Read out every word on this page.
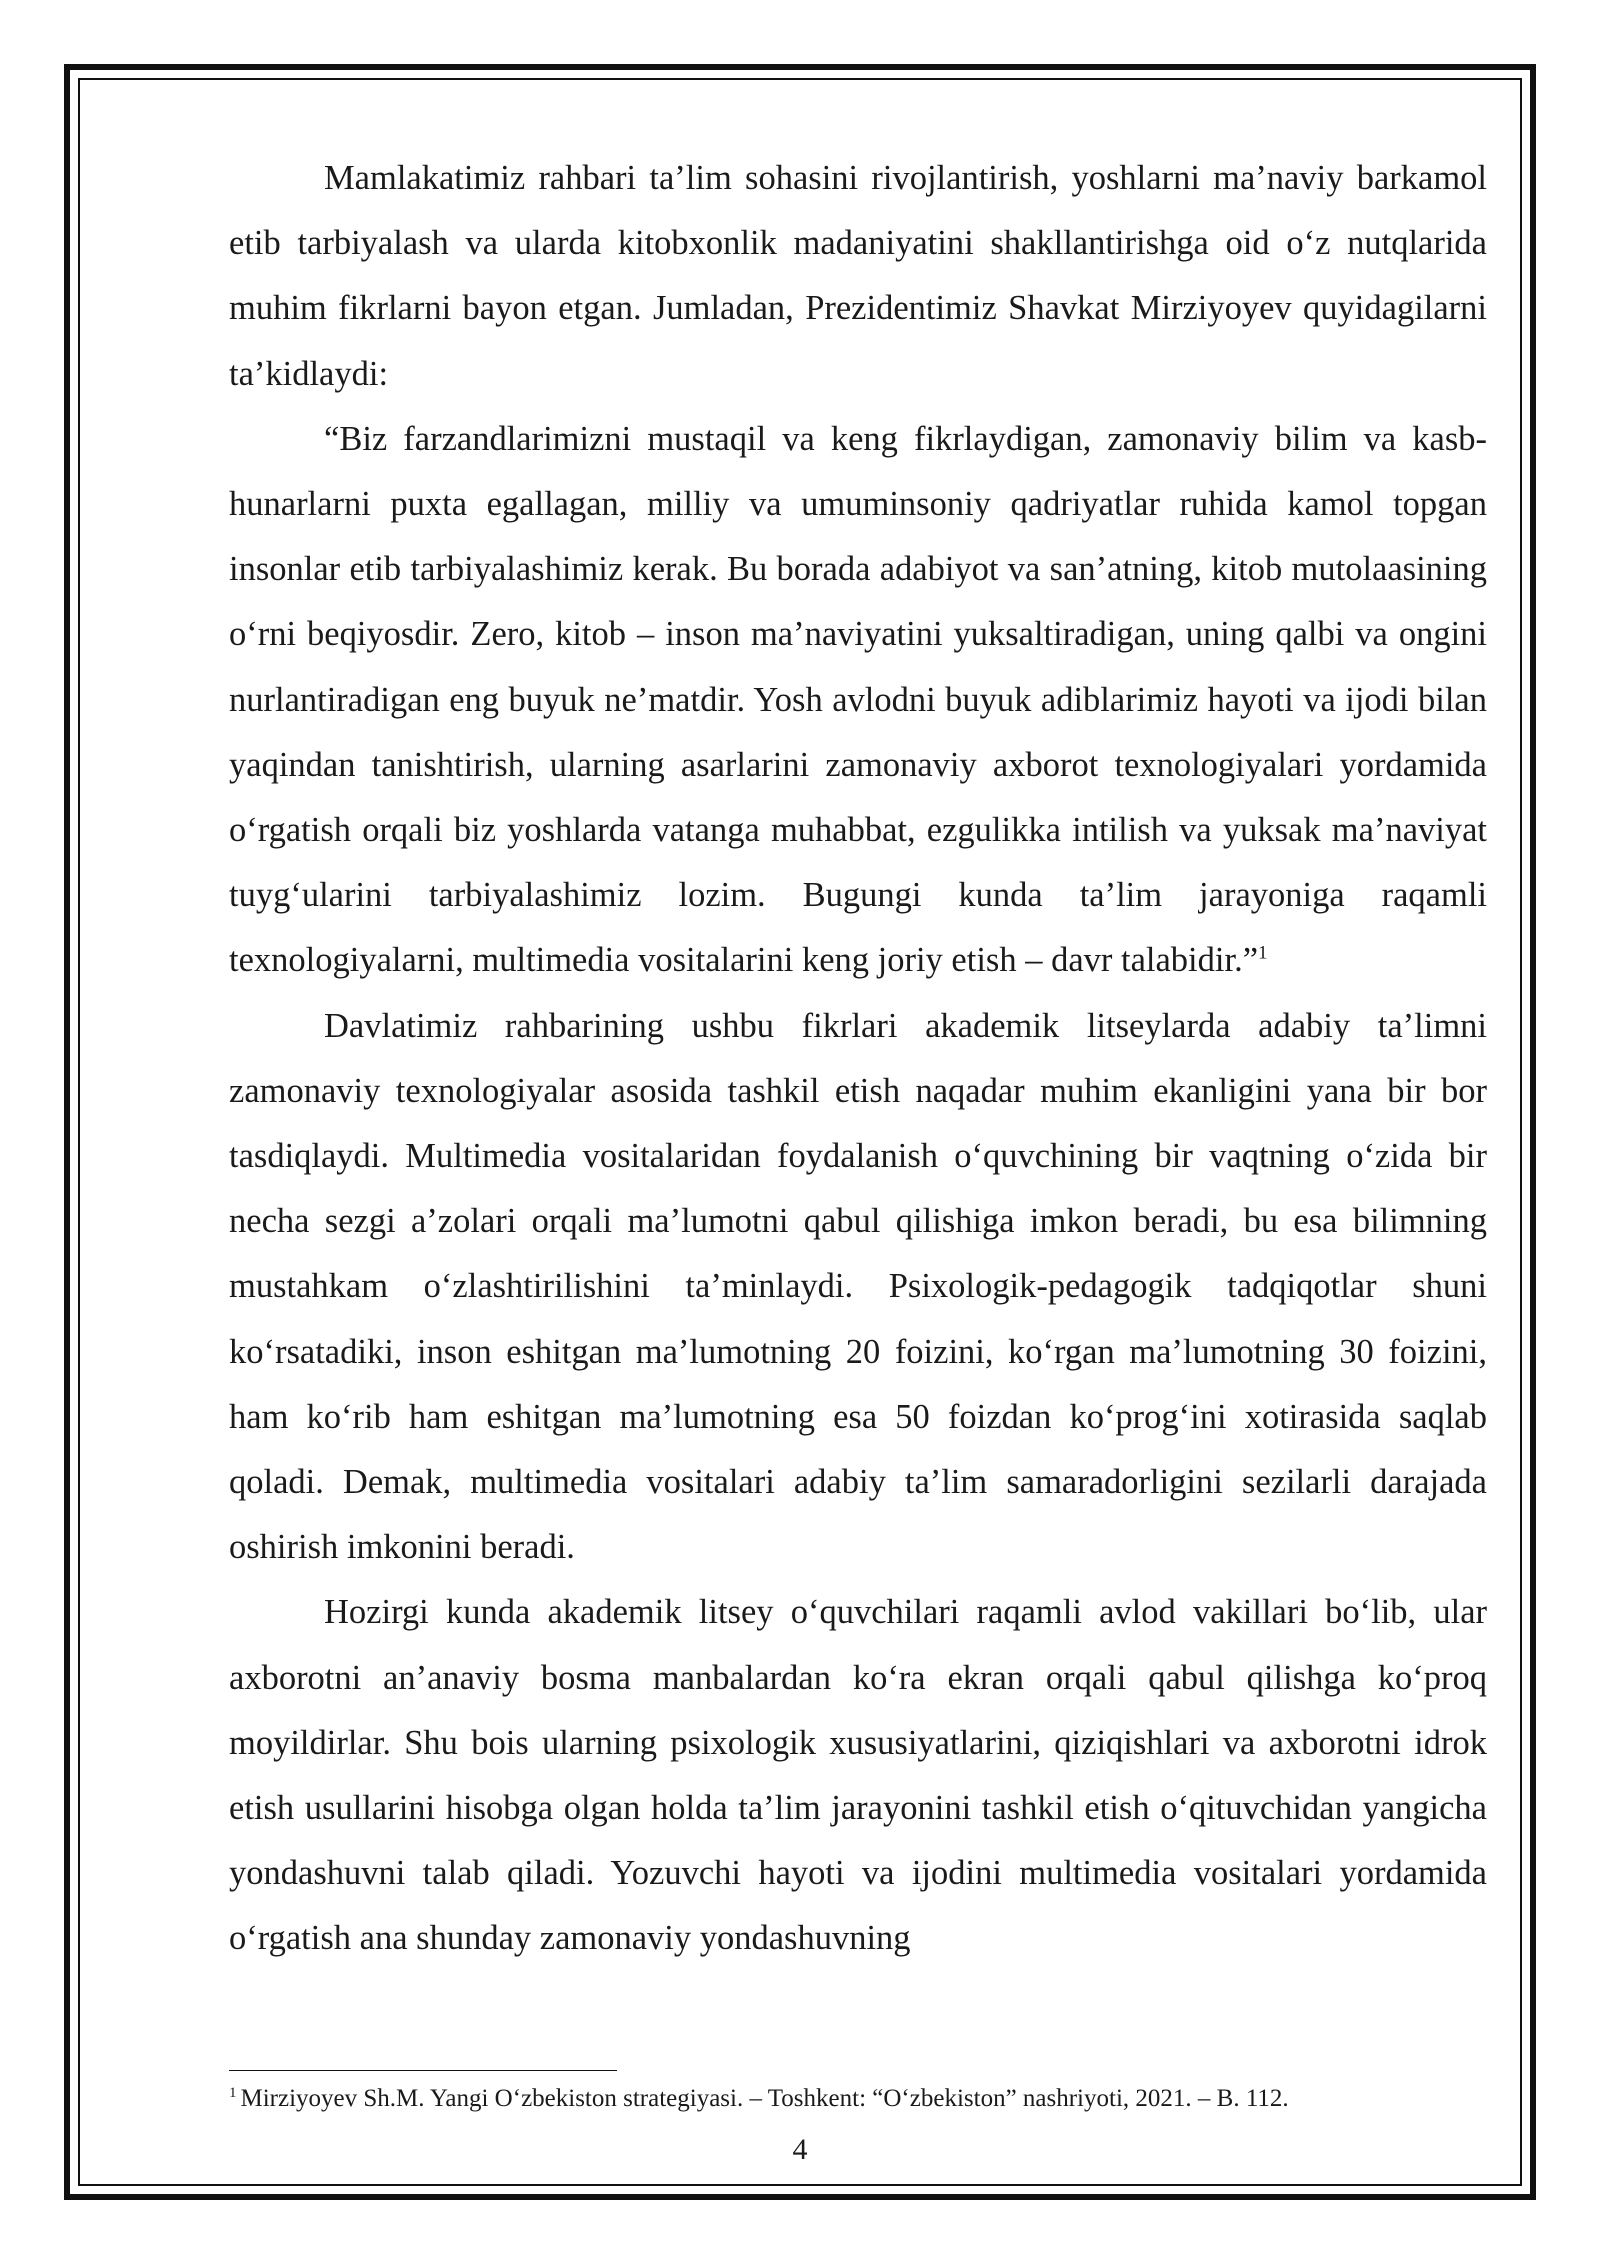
Mamlakatimiz rahbari ta’lim sohasini rivojlantirish, yoshlarni ma’naviy barkamol etib tarbiyalash va ularda kitobxonlik madaniyatini shakllantirishga oid o‘z nutqlarida muhim fikrlarni bayon etgan. Jumladan, Prezidentimiz Shavkat Mirziyoyev quyidagilarni ta’kidlaydi:

“Biz farzandlarimizni mustaqil va keng fikrlaydigan, zamonaviy bilim va kasb-hunarlarni puxta egallagan, milliy va umuminsoniy qadriyatlar ruhida kamol topgan insonlar etib tarbiyalashimiz kerak. Bu borada adabiyot va san’atning, kitob mutolaasining o‘rni beqiyosdir. Zero, kitob – inson ma’naviyatini yuksaltiradigan, uning qalbi va ongini nurlantiradigan eng buyuk ne’matdir. Yosh avlodni buyuk adiblarimiz hayoti va ijodi bilan yaqindan tanishtirish, ularning asarlarini zamonaviy axborot texnologiyalari yordamida o‘rgatish orqali biz yoshlarda vatanga muhabbat, ezgulikka intilish va yuksak ma’naviyat tuyg‘ularini tarbiyalashimiz lozim. Bugungi kunda ta’lim jarayoniga raqamli texnologiyalarni, multimedia vositalarini keng joriy etish – davr talabidir.”$^1$

Davlatimiz rahbarining ushbu fikrlari akademik litseylarda adabiy ta’limni zamonaviy texnologiyalar asosida tashkil etish naqadar muhim ekanligini yana bir bor tasdiqlaydi. Multimedia vositalaridan foydalanish o‘quvchining bir vaqtning o‘zida bir necha sezgi a’zolari orqali ma’lumotni qabul qilishiga imkon beradi, bu esa bilimning mustahkam o‘zlashtirilishini ta’minlaydi. Psixologik-pedagogik tadqiqotlar shuni ko‘rsatadiki, inson eshitgan ma’lumotning 20 foizini, ko‘rgan ma’lumotning 30 foizini, ham ko‘rib ham eshitgan ma’lumotning esa 50 foizdan ko‘prog‘ini xotirasida saqlab qoladi. Demak, multimedia vositalari adabiy ta’lim samaradorligini sezilarli darajada oshirish imkonini beradi.

Hozirgi kunda akademik litsey o‘quvchilari raqamli avlod vakillari bo‘lib, ular axborotni an’anaviy bosma manbalardan ko‘ra ekran orqali qabul qilishga ko‘proq moyildirlar. Shu bois ularning psixologik xususiyatlarini, qiziqishlari va axborotni idrok etish usullarini hisobga olgan holda ta’lim jarayonini tashkil etish o‘qituvchidan yangicha yondashuvni talab qiladi. Yozuvchi hayoti va ijodini multimedia vositalari yordamida o‘rgatish ana shunday zamonaviy yondashuvning

$^1$ Mirziyoyev Sh.M. Yangi O‘zbekiston strategiyasi. – Toshkent: “O‘zbekiston” nashriyoti, 2021. – B. 112.

4
